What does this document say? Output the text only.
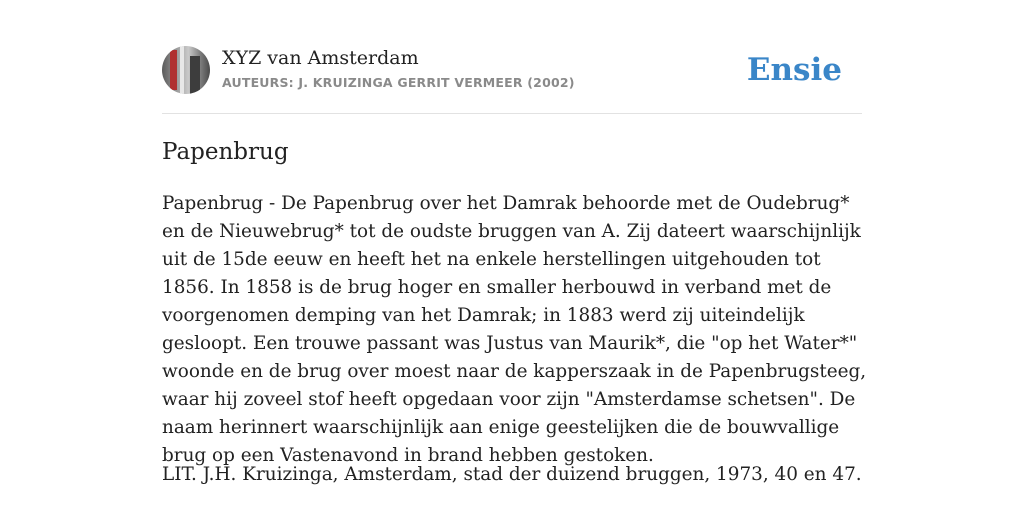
XYZ van Amsterdam
AUTEURS: J. KRUIZINGA GERRIT VERMEER (2002)	Ensie
Papenbrug

Papenbrug - De Papenbrug over het Damrak behoorde met de Oudebrug* en de Nieuwebrug* tot de oudste bruggen van A. Zij dateert waarschijnlijk uit de 15de eeuw en heeft het na enkele herstellingen uitgehouden tot 1856. In 1858 is de brug hoger en smaller herbouwd in verband met de voorgenomen demping van het Damrak; in 1883 werd zij uiteindelijk gesloopt. Een trouwe passant was Justus van Maurik*, die "op het Water*" woonde en de brug over moest naar de kapperszaak in de Papenbrugsteeg, waar hij zoveel stof heeft opgedaan voor zijn "Amsterdamse schetsen". De naam herinnert waarschijnlijk aan enige geestelijken die de bouwvallige brug op een Vastenavond in brand hebben gestoken.

LIT. J.H. Kruizinga, Amsterdam, stad der duizend bruggen, 1973, 40 en 47.
